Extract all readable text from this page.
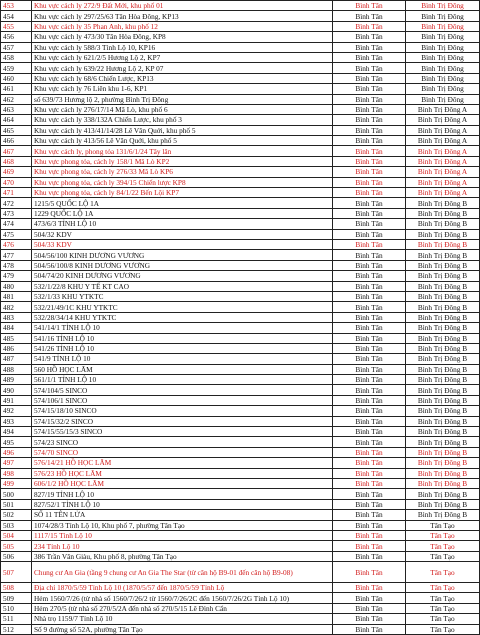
453	Khu vực cách ly 272/9 Đất Mới, khu phố 01	Bình Tân	Bình Trị Đông
454	Khu vực cách ly 297/25/63 Tân Hòa Đông, KP13	Bình Tân	Bình Trị Đông
455	Khu vực cách ly 35 Phan Anh, khu phố 12	Bình Tân	Bình Trị Đông
456	Khu vực cách ly 473/30 Tân Hòa Đông, KP8	Bình Tân	Bình Trị Đông
457	Khu vực cách ly 588/3 Tỉnh Lộ 10, KP16	Bình Tân	Bình Trị Đông
458	Khu vực cách ly 621/2/5 Hương Lộ 2, KP7	Bình Tân	Bình Trị Đông
459	Khu vực cách ly 639/22 Hương Lộ 2, KP 07	Bình Tân	Bình Trị Đông
460	Khu vực cách ly 68/6 Chiến Lược, KP13	Bình Tân	Bình Trị Đông
461	Khu vực cách ly 76 Liên khu 1-6, KP1	Bình Tân	Bình Trị Đông
462	số 639/73 Hương lộ 2, phường Bình Trị Đông	Bình Tân	Bình Trị Đông
463	Khu vực cách ly 276/17/14 Mã Lò, khu phố 6	Bình Tân	Bình Trị Đông A
464	Khu vực cách ly 338/132A Chiến Lược, khu phố 3	Bình Tân	Bình Trị Đông A
465	Khu vực cách ly 413/41/14/28 Lê Văn Quới, khu phố 5	Bình Tân	Bình Trị Đông A
466	Khu vực cách ly 413/56 Lê Văn Quới, khu phố 5	Bình Tân	Bình Trị Đông A
467	Khu vực cách ly, phong tỏa 131/6/1/24 Tây lân	Bình Tân	Bình Trị Đông A
468	Khu vực phong tỏa, cách ly 158/1 Mã Lò KP2	Bình Tân	Bình Trị Đông A
469	Khu vực phong tỏa, cách ly 276/33 Mã Lò KP6	Bình Tân	Bình Trị Đông A
470	Khu vực phong tỏa, cách ly 394/15 Chiến lược KP8	Bình Tân	Bình Trị Đông A
471	Khu vực phong tỏa, cách ly 84/1/22 Bến Lội KP7	Bình Tân	Bình Trị Đông A
472	1215/5 QUỐC LỘ 1A	Bình Tân	Bình Trị Đông B
473	1229 QUỐC LỘ 1A	Bình Tân	Bình Trị Đông B
474	473/6/3 TỈNH LỘ 10	Bình Tân	Bình Trị Đông B
475	504/32 KDV	Bình Tân	Bình Trị Đông B
476	504/33 KDV	Bình Tân	Bình Trị Đông B
477	504/56/100 KINH DƯƠNG VƯƠNG	Bình Tân	Bình Trị Đông B
478	504/56/100/8 KINH DƯƠNG VƯƠNG	Bình Tân	Bình Trị Đông B
479	504/74/20 KINH DƯƠNG VƯƠNG	Bình Tân	Bình Trị Đông B
480	532/1/22/8 KHU Y TẾ KT CAO	Bình Tân	Bình Trị Đông B
481	532/1/33 KHU YTKTC	Bình Tân	Bình Trị Đông B
482	532/21/49/1C KHU YTKTC	Bình Tân	Bình Trị Đông B
483	532/28/34/14 KHU YTKTC	Bình Tân	Bình Trị Đông B
484	541/14/1 TỈNH LỘ 10	Bình Tân	Bình Trị Đông B
485	541/16 TỈNH LỘ 10	Bình Tân	Bình Trị Đông B
486	541/26 TỈNH LỘ 10	Bình Tân	Bình Trị Đông B
487	541/9 TỈNH LỘ 10	Bình Tân	Bình Trị Đông B
488	560 HỒ HỌC LÃM	Bình Tân	Bình Trị Đông B
489	561/1/1 TỈNH LỘ 10	Bình Tân	Bình Trị Đông B
490	574/104/5 SINCO	Bình Tân	Bình Trị Đông B
491	574/106/1 SINCO	Bình Tân	Bình Trị Đông B
492	574/15/18/10 SINCO	Bình Tân	Bình Trị Đông B
493	574/15/32/2 SINCO	Bình Tân	Bình Trị Đông B
494	574/15/55/15/3 SINCO	Bình Tân	Bình Trị Đông B
495	574/23 SINCO	Bình Tân	Bình Trị Đông B
496	574/70 SINCO	Bình Tân	Bình Trị Đông B
497	576/14/21 HỒ HỌC LÃM	Bình Tân	Bình Trị Đông B
498	576/23 HỒ HỌC LÃM	Bình Tân	Bình Trị Đông B
499	606/1/2 HỒ HỌC LÃM	Bình Tân	Bình Trị Đông B
500	827/19 TỈNH LỘ 10	Bình Tân	Bình Trị Đông B
501	827/52/1 TỈNH LỘ 10	Bình Tân	Bình Trị Đông B
502	SỐ 11 TÊN LỬA	Bình Tân	Bình Trị Đông B
503	1074/28/3 Tỉnh Lộ 10, Khu phố 7, phường Tân Tạo	Bình Tân	Tân Tạo
504	1117/15 Tỉnh Lộ 10	Bình Tân	Tân Tạo
505	234 Tỉnh Lộ 10	Bình Tân	Tân Tạo
506	386 Trần Văn Giàu, Khu phố 8, phường Tân Tạo	Bình Tân	Tân Tạo
507	Chung cư An Gia (tầng 9 chung cư An Gia The Star (từ căn hộ B9-01 đến căn hộ B9-08)	Bình Tân	Tân Tạo
508	Địa chỉ 1870/5/59 Tỉnh Lộ 10 (1870/5/57 đến 1870/5/59 Tỉnh Lộ	Bình Tân	Tân Tạo
509	Hẻm 1560/7/26 (từ nhà số 1560/7/26/2 từ 1560/7/26/2C đến 1560/7/26/2G Tỉnh Lộ 10)	Bình Tân	Tân Tạo
510	Hẻm 270/5 (từ nhà số 270/5/2A đến nhà số 270/5/15 Lê Đình Cẩn	Bình Tân	Tân Tạo
511	Nhà trọ 1159/7 Tỉnh Lộ 10	Bình Tân	Tân Tạo
512	Số 9 đường số 52A, phường Tân Tạo	Bình Tân	Tân Tạo
